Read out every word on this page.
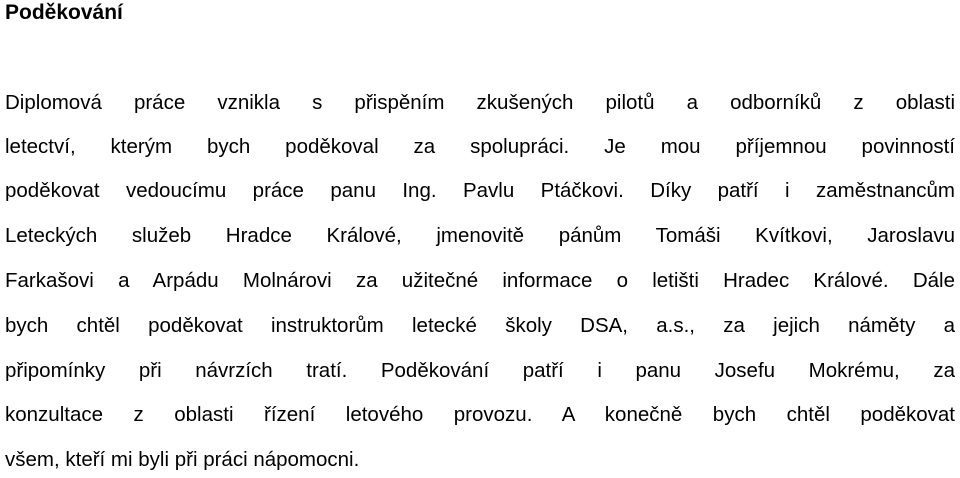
Poděkování
Diplomová práce vznikla s přispěním zkušených pilotů a odborníků z oblasti
letectví, kterým bych poděkoval za spolupráci. Je mou příjemnou povinností
poděkovat vedoucímu práce panu Ing. Pavlu Ptáčkovi. Díky patří i zaměstnancům
Leteckých služeb Hradce Králové, jmenovitě pánům Tomáši Kvítkovi, Jaroslavu
Farkašovi a Arpádu Molnárovi za užitečné informace o letišti Hradec Králové. Dále
bych chtěl poděkovat instruktorům letecké školy DSA, a.s., za jejich náměty a
připomínky při návrzích tratí. Poděkování patří i panu Josefu Mokrému, za
konzultace z oblasti řízení letového provozu. A konečně bych chtěl poděkovat
všem, kteří mi byli při práci nápomocni.
